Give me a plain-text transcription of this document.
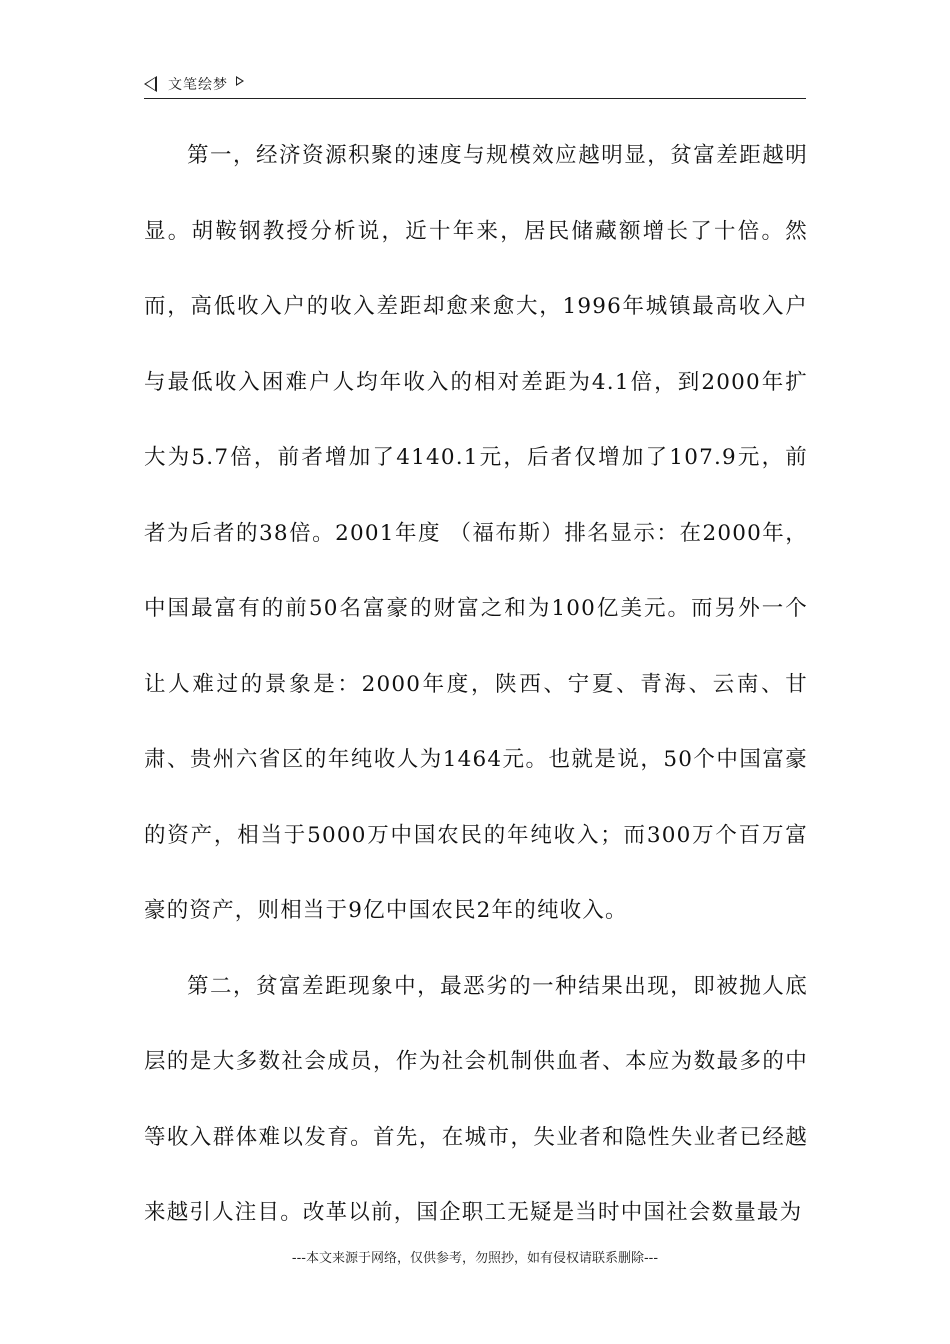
文笔绘梦

第一，经济资源积聚的速度与规模效应越明显，贫富差距越明显。胡鞍钢教授分析说，近十年来，居民储藏额增长了十倍。然而，高低收入户的收入差距却愈来愈大，1996年城镇最高收入户与最低收入困难户人均年收入的相对差距为4.1倍，到2000年扩大为5.7倍，前者增加了4140.1元，后者仅增加了107.9元，前者为后者的38倍。2001年度 （福布斯）排名显示：在2000年，中国最富有的前50名富豪的财富之和为100亿美元。而另外一个让人难过的景象是：2000年度，陕西、宁夏、青海、云南、甘肃、贵州六省区的年纯收人为1464元。也就是说，50个中国富豪的资产，相当于5000万中国农民的年纯收入；而300万个百万富豪的资产，则相当于9亿中国农民2年的纯收入。

第二，贫富差距现象中，最恶劣的一种结果出现，即被抛人底层的是大多数社会成员，作为社会机制供血者、本应为数最多的中等收入群体难以发育。首先，在城市，失业者和隐性失业者已经越来越引人注目。改革以前，国企职工无疑是当时中国社会数量最为

---本文来源于网络，仅供参考，勿照抄，如有侵权请联系删除---
